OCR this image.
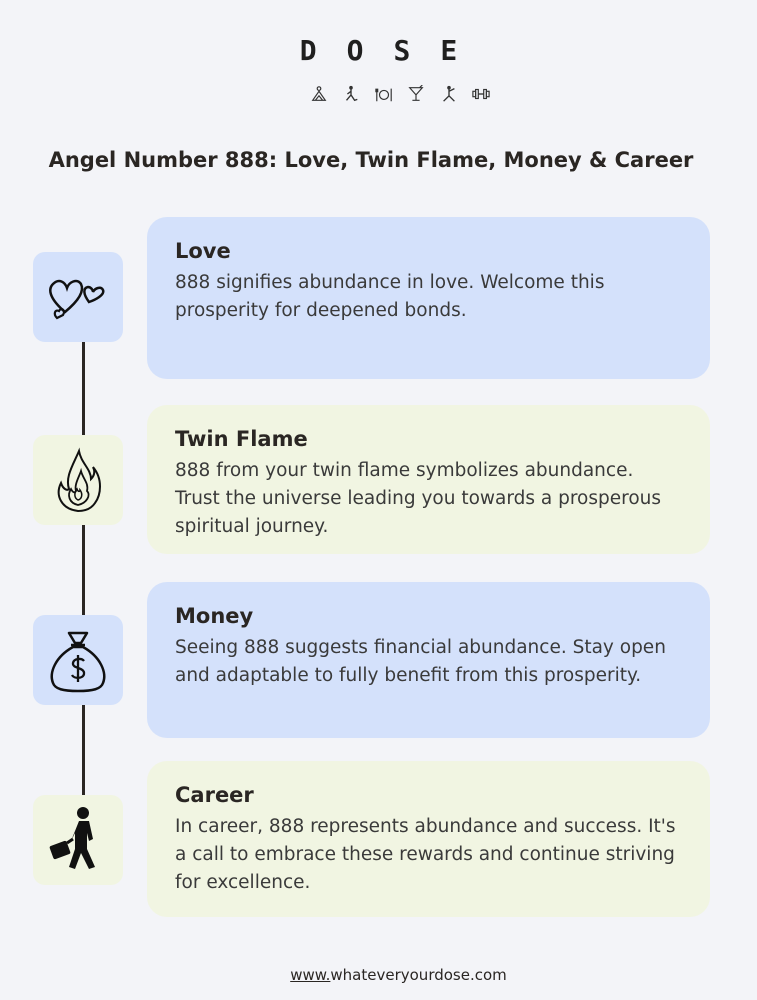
DOSE
Angel Number 888: Love, Twin Flame, Money & Career
Love

888 signifies abundance in love. Welcome this prosperity for deepened bonds.

Twin Flame

888 from your twin flame symbolizes abundance. Trust the universe leading you towards a prosperous spiritual journey.

Money

Seeing 888 suggests financial abundance. Stay open and adaptable to fully benefit from this prosperity.

Career

In career, 888 represents abundance and success. It's a call to embrace these rewards and continue striving for excellence.

www.whateveryourdose.com
